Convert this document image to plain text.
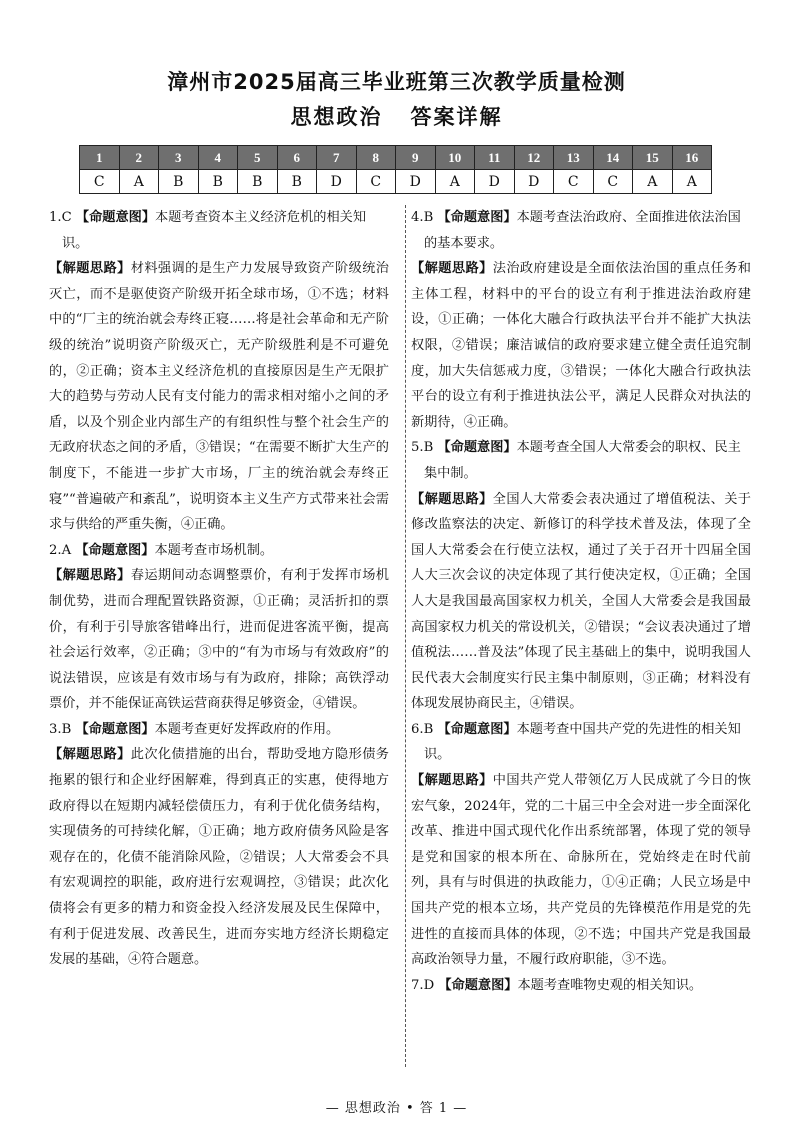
漳州市2025届高三毕业班第三次教学质量检测
思想政治 答案详解
1	2	3	4	5	6	7	8	9	10	11	12	13	14	15	16
C	A	B	B	B	B	D	C	D	A	D	D	C	C	A	A

1.C 【命题意图】本题考查资本主义经济危机的相关知识。

【解题思路】材料强调的是生产力发展导致资产阶级统治灭亡，而不是驱使资产阶级开拓全球市场，①不选；材料中的“厂主的统治就会寿终正寝……将是社会革命和无产阶级的统治”说明资产阶级灭亡，无产阶级胜利是不可避免的，②正确；资本主义经济危机的直接原因是生产无限扩大的趋势与劳动人民有支付能力的需求相对缩小之间的矛盾，以及个别企业内部生产的有组织性与整个社会生产的无政府状态之间的矛盾，③错误；“在需要不断扩大生产的制度下，不能进一步扩大市场，厂主的统治就会寿终正寝”“普遍破产和紊乱”，说明资本主义生产方式带来社会需求与供给的严重失衡，④正确。

2.A 【命题意图】本题考查市场机制。

【解题思路】春运期间动态调整票价，有利于发挥市场机制优势，进而合理配置铁路资源，①正确；灵活折扣的票价，有利于引导旅客错峰出行，进而促进客流平衡，提高社会运行效率，②正确；③中的“有为市场与有效政府”的说法错误，应该是有效市场与有为政府，排除；高铁浮动票价，并不能保证高铁运营商获得足够资金，④错误。

3.B 【命题意图】本题考查更好发挥政府的作用。

【解题思路】此次化债措施的出台，帮助受地方隐形债务拖累的银行和企业纾困解难，得到真正的实惠，使得地方政府得以在短期内减轻偿债压力，有利于优化债务结构，实现债务的可持续化解，①正确；地方政府债务风险是客观存在的，化债不能消除风险，②错误；人大常委会不具有宏观调控的职能，政府进行宏观调控，③错误；此次化债将会有更多的精力和资金投入经济发展及民生保障中，有利于促进发展、改善民生，进而夯实地方经济长期稳定发展的基础，④符合题意。

4.B 【命题意图】本题考查法治政府、全面推进依法治国的基本要求。

【解题思路】法治政府建设是全面依法治国的重点任务和主体工程，材料中的平台的设立有利于推进法治政府建设，①正确；一体化大融合行政执法平台并不能扩大执法权限，②错误；廉洁诚信的政府要求建立健全责任追究制度，加大失信惩戒力度，③错误；一体化大融合行政执法平台的设立有利于推进执法公平，满足人民群众对执法的新期待，④正确。

5.B 【命题意图】本题考查全国人大常委会的职权、民主集中制。

【解题思路】全国人大常委会表决通过了增值税法、关于修改监察法的决定、新修订的科学技术普及法，体现了全国人大常委会在行使立法权，通过了关于召开十四届全国人大三次会议的决定体现了其行使决定权，①正确；全国人大是我国最高国家权力机关，全国人大常委会是我国最高国家权力机关的常设机关，②错误；“会议表决通过了增值税法……普及法”体现了民主基础上的集中，说明我国人民代表大会制度实行民主集中制原则，③正确；材料没有体现发展协商民主，④错误。

6.B 【命题意图】本题考查中国共产党的先进性的相关知识。

【解题思路】中国共产党人带领亿万人民成就了今日的恢宏气象，2024年，党的二十届三中全会对进一步全面深化改革、推进中国式现代化作出系统部署，体现了党的领导是党和国家的根本所在、命脉所在，党始终走在时代前列，具有与时俱进的执政能力，①④正确；人民立场是中国共产党的根本立场，共产党员的先锋模范作用是党的先进性的直接而具体的体现，②不选；中国共产党是我国最高政治领导力量，不履行政府职能，③不选。

7.D 【命题意图】本题考查唯物史观的相关知识。

— 思想政治 • 答 1 —
